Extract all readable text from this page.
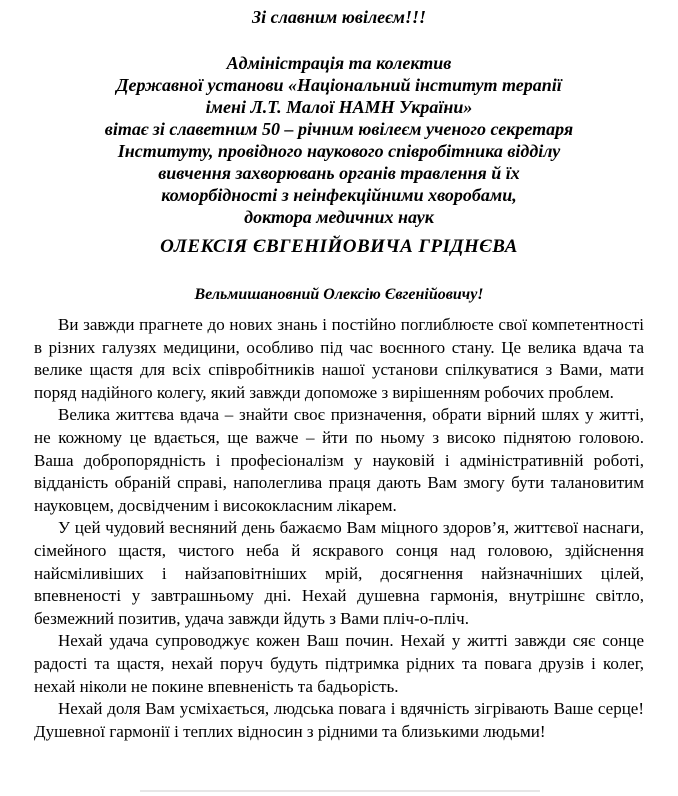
Зі славним ювілеєм!!!

Адміністрація та колектив

Державної установи «Національний інститут терапії

імені Л.Т. Малої НАМН України»

вітає зі славетним 50 – річним ювілеєм ученого секретаря

Інституту, провідного наукового співробітника відділу

вивчення захворювань органів травлення й їх

коморбідності з неінфекційними хворобами,

доктора медичних наук

ОЛЕКСІЯ ЄВГЕНІЙОВИЧА ГРІДНЄВА
Вельмишановний Олексію Євгенійовичу!

Ви завжди прагнете до нових знань і постійно поглиблюєте свої компетентності в різних галузях медицини, особливо під час воєнного стану. Це велика вдача та велике щастя для всіх співробітників нашої установи спілкуватися з Вами, мати поряд надійного колегу, який завжди допоможе з вирішенням робочих проблем.

Велика життєва вдача – знайти своє призначення, обрати вірний шлях у житті, не кожному це вдається, ще важче – йти по ньому з високо піднятою головою. Ваша добропорядність і професіоналізм у науковій і адміністративній роботі, відданість обраній справі, наполеглива праця дають Вам змогу бути талановитим науковцем, досвідченим і висококласним лікарем.

У цей чудовий весняний день бажаємо Вам міцного здоров’я, життєвої наснаги, сімейного щастя, чистого неба й яскравого сонця над головою, здійснення найсміливіших і найзаповітніших мрій, досягнення найзначніших цілей, впевненості у завтрашньому дні. Нехай душевна гармонія, внутрішнє світло, безмежний позитив, удача завжди йдуть з Вами пліч-о-пліч.

Нехай удача супроводжує кожен Ваш почин. Нехай у житті завжди сяє сонце радості та щастя, нехай поруч будуть підтримка рідних та повага друзів і колег, нехай ніколи не покине впевненість та бадьорість.

Нехай доля Вам усміхається, людська повага і вдячність зігрівають Ваше серце! Душевної гармонії і теплих відносин з рідними та близькими людьми!
